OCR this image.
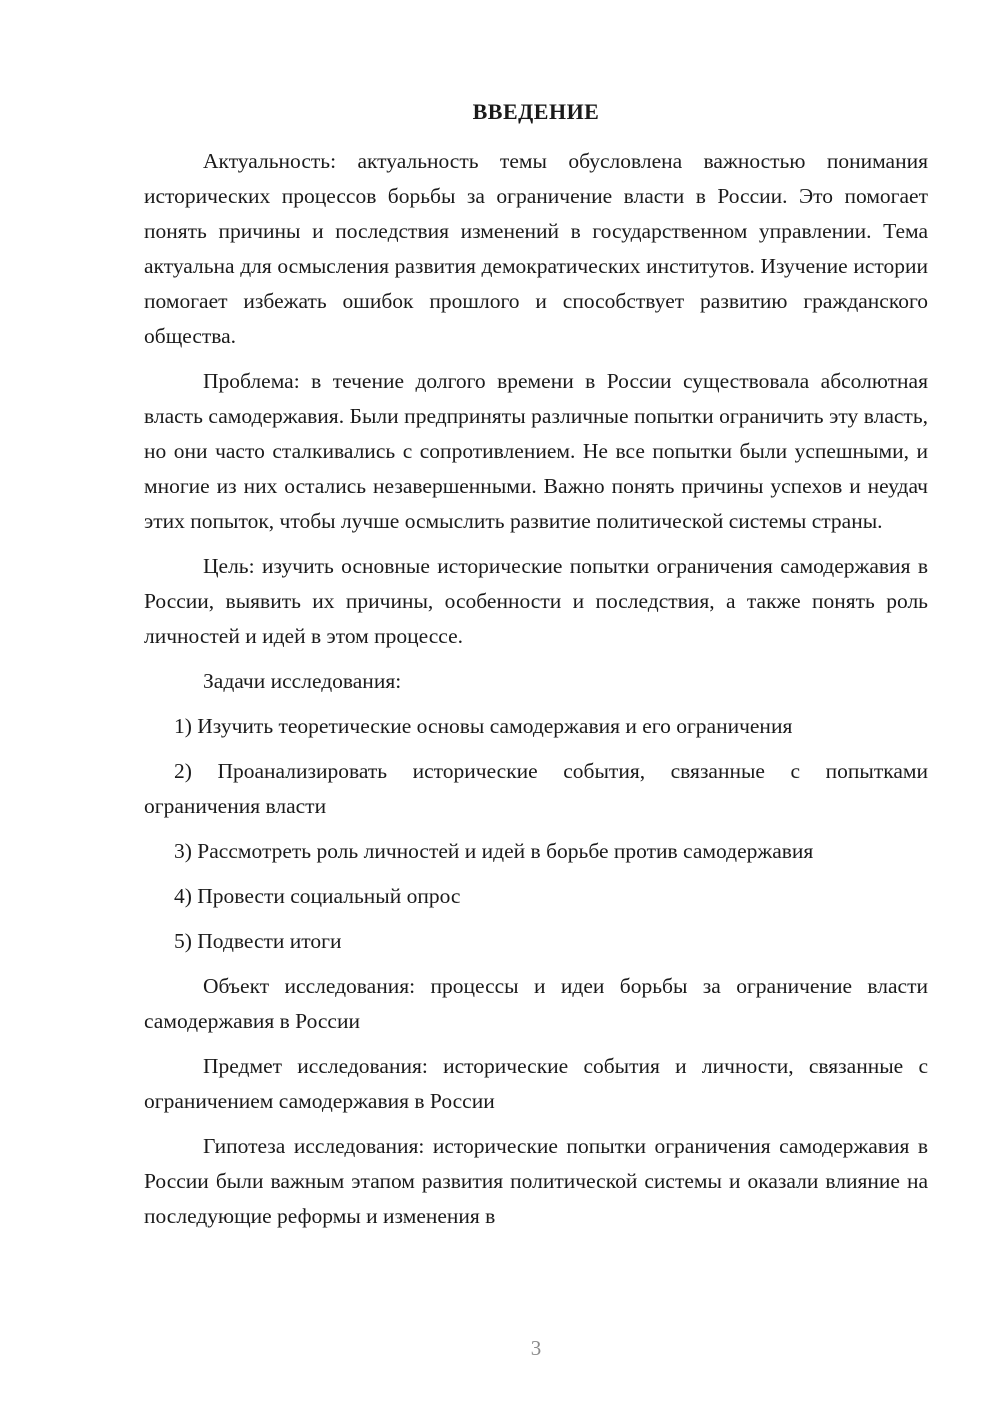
ВВЕДЕНИЕ

Актуальность: актуальность темы обусловлена важностью понимания исторических процессов борьбы за ограничение власти в России. Это помогает понять причины и последствия изменений в государственном управлении. Тема актуальна для осмысления развития демократических институтов. Изучение истории помогает избежать ошибок прошлого и способствует развитию гражданского общества.

Проблема: в течение долгого времени в России существовала абсолютная власть самодержавия. Были предприняты различные попытки ограничить эту власть, но они часто сталкивались с сопротивлением. Не все попытки были успешными, и многие из них остались незавершенными. Важно понять причины успехов и неудач этих попыток, чтобы лучше осмыслить развитие политической системы страны.

Цель: изучить основные исторические попытки ограничения самодержавия в России, выявить их причины, особенности и последствия, а также понять роль личностей и идей в этом процессе.

Задачи исследования:

1) Изучить теоретические основы самодержавия и его ограничения

2) Проанализировать исторические события, связанные с попытками ограничения власти

3) Рассмотреть роль личностей и идей в борьбе против самодержавия

4) Провести социальный опрос

5) Подвести итоги

Объект исследования: процессы и идеи борьбы за ограничение власти самодержавия в России

Предмет исследования: исторические события и личности, связанные с ограничением самодержавия в России

Гипотеза исследования: исторические попытки ограничения самодержавия в России были важным этапом развития политической системы и оказали влияние на последующие реформы и изменения в

3
